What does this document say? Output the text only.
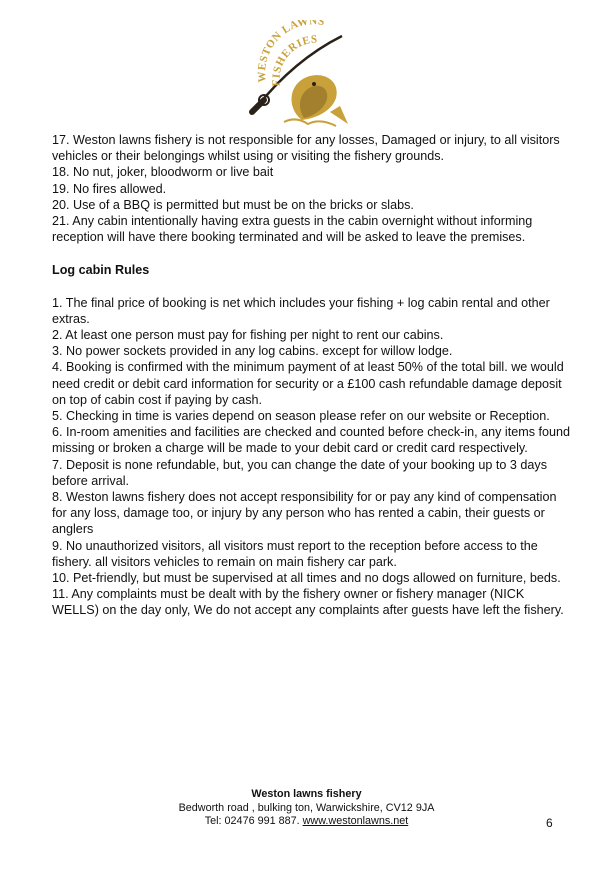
WESTON LAWNS
FISHERIES

17. Weston lawns fishery is not responsible for any losses, Damaged or injury, to all visitors vehicles or their belongings whilst using or visiting the fishery grounds.

18. No nut, joker, bloodworm or live bait

19. No fires allowed.

20. Use of a BBQ is permitted but must be on the bricks or slabs.

21. Any cabin intentionally having extra guests in the cabin overnight without informing reception will have there booking terminated and will be asked to leave the premises.

Log cabin Rules

1. The final price of booking is net which includes your fishing + log cabin rental and other extras.

2. At least one person must pay for fishing per night to rent our cabins.

3. No power sockets provided in any log cabins. except for willow lodge.

4. Booking is confirmed with the minimum payment of at least 50% of the total bill. we would need credit or debit card information for security or a £100 cash refundable damage deposit on top of cabin cost if paying by cash.

5. Checking in time is varies depend on season please refer on our website or Reception.

6. In-room amenities and facilities are checked and counted before check-in, any items found missing or broken a charge will be made to your debit card or credit card respectively.

7. Deposit is none refundable, but, you can change the date of your booking up to 3 days before arrival.

8. Weston lawns fishery does not accept responsibility for or pay any kind of compensation for any loss, damage too, or injury by any person who has rented a cabin, their guests or anglers

9. No unauthorized visitors, all visitors must report to the reception before access to the fishery. all visitors vehicles to remain on main fishery car park.

10. Pet-friendly, but must be supervised at all times and no dogs allowed on furniture, beds.

11. Any complaints must be dealt with by the fishery owner or fishery manager (NICK WELLS) on the day only, We do not accept any complaints after guests have left the fishery.

Weston lawns fishery
Bedworth road , bulking ton, Warwickshire, CV12 9JA
Tel: 02476 991 887. www.westonlawns.net	6
